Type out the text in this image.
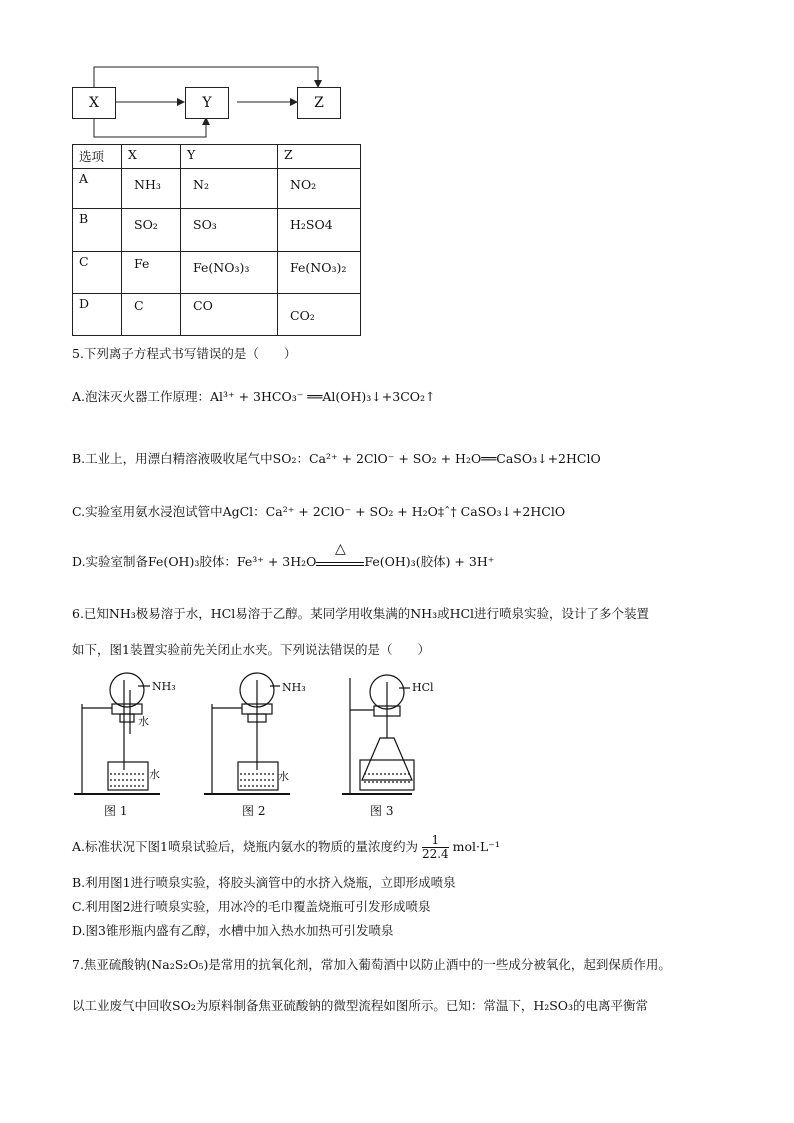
X	Y	Z
选项	X	Y	Z
A	NH₃	N₂	NO₂

B	SO₂	SO₃	H₂SO4

C	Fe	Fe(NO₃)₃	Fe(NO₃)₂

D	C	CO	CO₂
5.下列离子方程式书写错误的是（　　）
A.泡沫灭火器工作原理：Al³⁺ + 3HCO₃⁻ ══Al(OH)₃↓+3CO₂↑
B.工业上，用漂白精溶液吸收尾气中SO₂：Ca²⁺ + 2ClO⁻ + SO₂ + H₂O══CaSO₃↓+2HClO
C.实验室用氨水浸泡试管中AgCl：Ca²⁺ + 2ClO⁻ + SO₂ + H₂O‡ˆ† CaSO₃↓+2HClO
D.实验室制备Fe(OH)₃胶体：Fe³⁺ + 3H₂O
△
Fe(OH)₃(胶体) + 3H⁺
6.已知NH₃极易溶于水，HCl易溶于乙醇。某同学用收集满的NH₃或HCl进行喷泉实验，设计了多个装置
如下，图1装置实验前先关闭止水夹。下列说法错误的是（　　）
NH₃
水
水
图 1
NH₃
水
图 2
HCl
图 3
A.标准状况下图1喷泉试验后，烧瓶内氨水的物质的量浓度约为 $\frac{1}{22.4} mol\cdot L^{-1}$
B.利用图1进行喷泉实验，将胶头滴管中的水挤入烧瓶，立即形成喷泉
C.利用图2进行喷泉实验，用冰冷的毛巾覆盖烧瓶可引发形成喷泉
D.图3锥形瓶内盛有乙醇，水槽中加入热水加热可引发喷泉
7.焦亚硫酸钠(Na₂S₂O₅)是常用的抗氧化剂，常加入葡萄酒中以防止酒中的一些成分被氧化，起到保质作用。
以工业废气中回收SO₂为原料制备焦亚硫酸钠的微型流程如图所示。已知：常温下，H₂SO₃的电离平衡常
